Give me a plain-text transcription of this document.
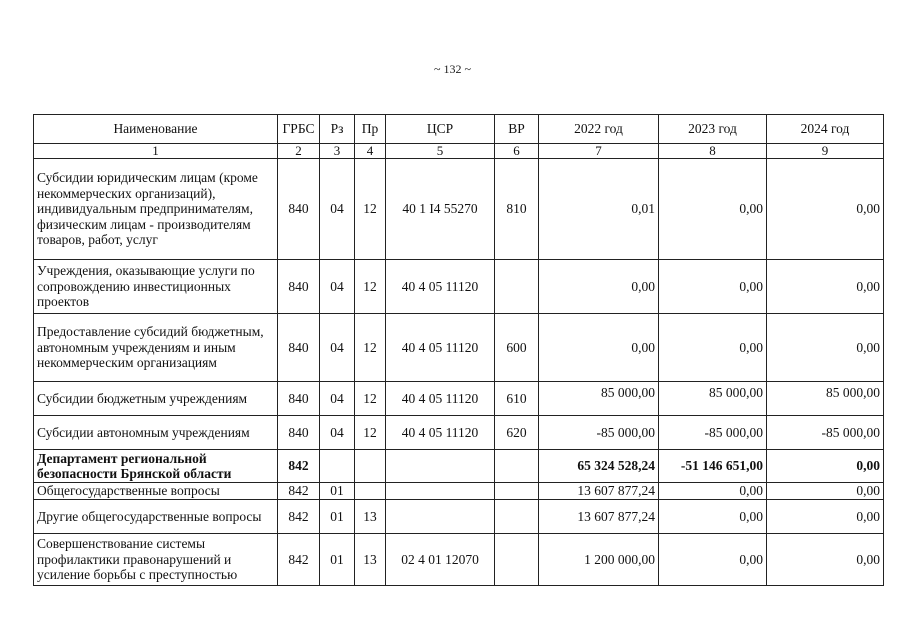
~ 132 ~
Наименование	ГРБС	Рз	Пр	ЦСР	ВР	2022 год	2023 год	2024 год
1	2	3	4	5	6	7	8	9
Субсидии юридическим лицам (кроме некоммерческих организаций), индивидуальным предпринимателям, физическим лицам - производителям товаров, работ, услуг	840	04	12	40 1 I4 55270	810	0,01	0,00	0,00
Учреждения, оказывающие услуги по сопровождению инвестиционных проектов	840	04	12	40 4 05 11120		0,00	0,00	0,00
Предоставление субсидий бюджетным, автономным учреждениям и иным некоммерческим организациям	840	04	12	40 4 05 11120	600	0,00	0,00	0,00
Субсидии бюджетным учреждениям	840	04	12	40 4 05 11120	610	85 000,00	85 000,00	85 000,00
Субсидии автономным учреждениям	840	04	12	40 4 05 11120	620	-85 000,00	-85 000,00	-85 000,00
Департамент региональной безопасности Брянской области	842					65 324 528,24	-51 146 651,00	0,00
Общегосударственные вопросы	842	01				13 607 877,24	0,00	0,00
Другие общегосударственные вопросы	842	01	13			13 607 877,24	0,00	0,00
Совершенствование системы профилактики правонарушений и усиление борьбы с преступностью	842	01	13	02 4 01 12070		1 200 000,00	0,00	0,00
